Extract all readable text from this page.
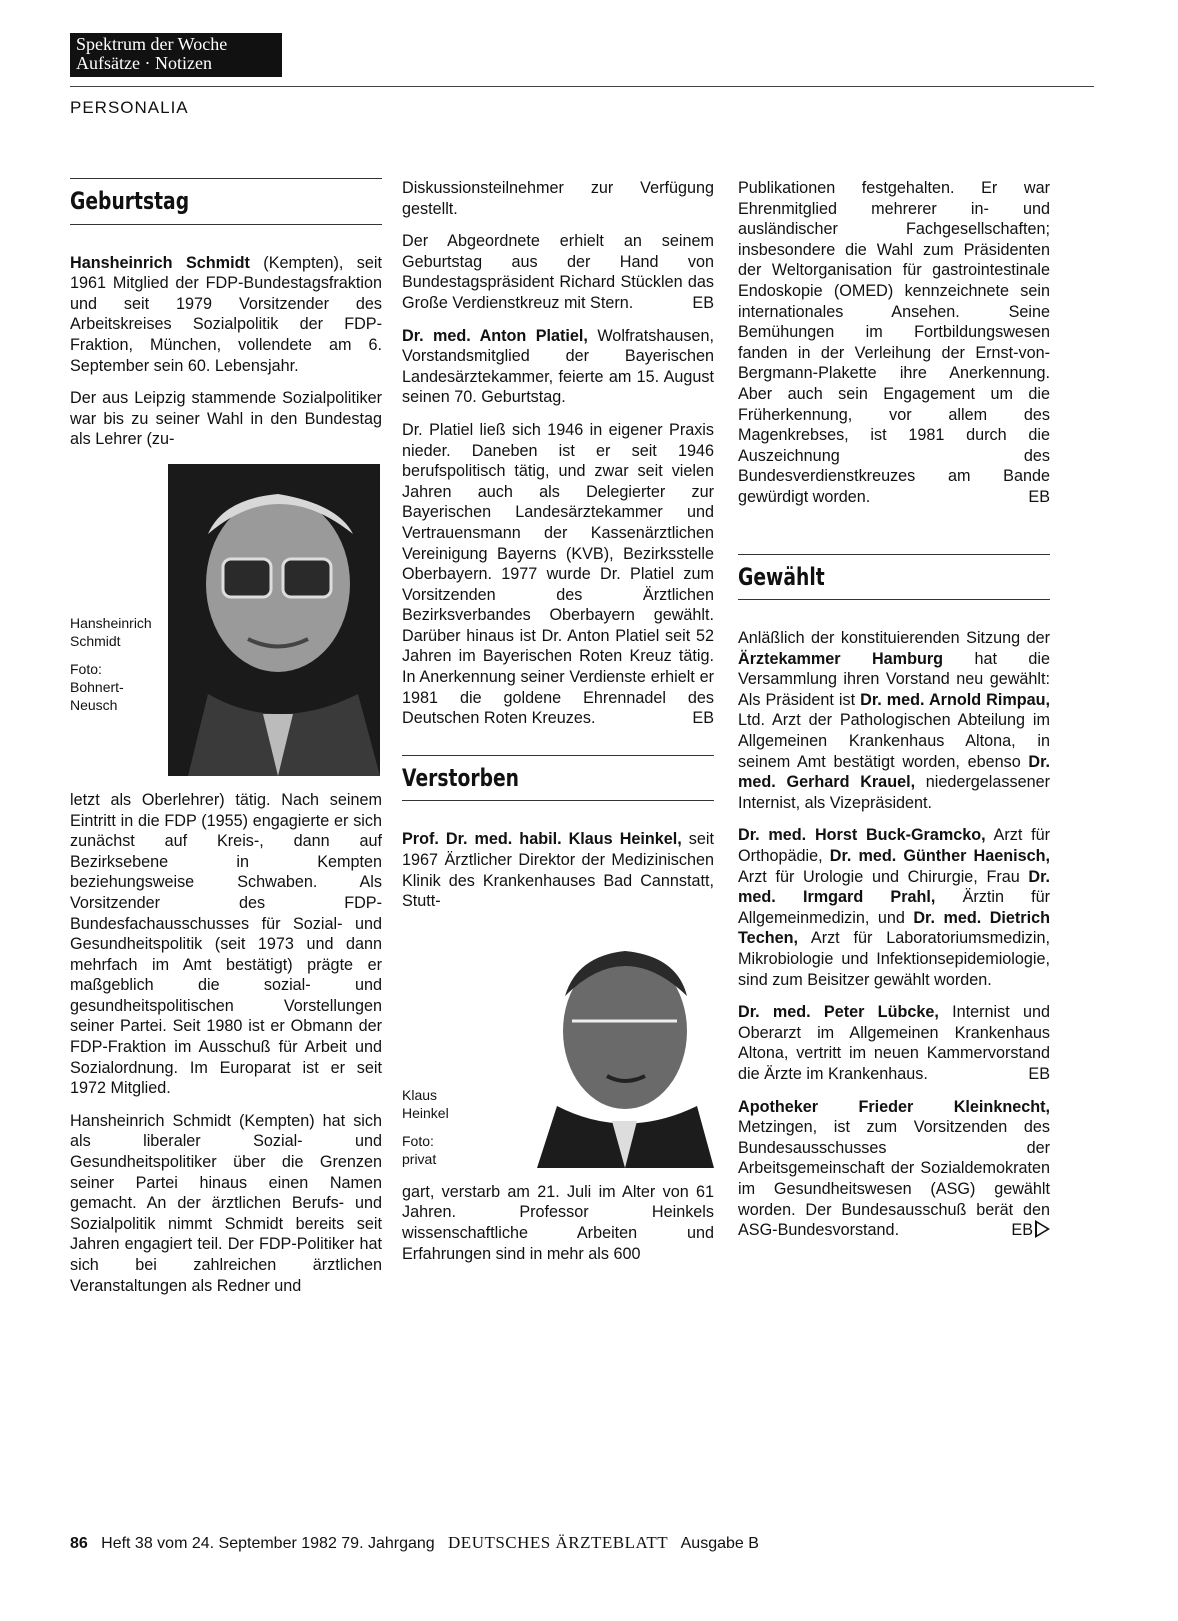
Spektrum der Woche
Aufsätze · Notizen
PERSONALIA
Geburtstag

Hansheinrich Schmidt (Kempten), seit 1961 Mitglied der FDP-Bundestagsfraktion und seit 1979 Vorsitzender des Arbeitskreises Sozialpolitik der FDP-Fraktion, München, vollendete am 6. September sein 60. Lebensjahr.

Der aus Leipzig stammende Sozialpolitiker war bis zu seiner Wahl in den Bundestag als Lehrer (zu-

Hansheinrich Schmidt
Foto: Bohnert-Neusch

letzt als Oberlehrer) tätig. Nach seinem Eintritt in die FDP (1955) engagierte er sich zunächst auf Kreis-, dann auf Bezirksebene in Kempten beziehungsweise Schwaben. Als Vorsitzender des FDP-Bundesfachausschusses für Sozial- und Gesundheitspolitik (seit 1973 und dann mehrfach im Amt bestätigt) prägte er maßgeblich die sozial- und gesundheitspolitischen Vorstellungen seiner Partei. Seit 1980 ist er Obmann der FDP-Fraktion im Ausschuß für Arbeit und Sozialordnung. Im Europarat ist er seit 1972 Mitglied.

Hansheinrich Schmidt (Kempten) hat sich als liberaler Sozial- und Gesundheitspolitiker über die Grenzen seiner Partei hinaus einen Namen gemacht. An der ärztlichen Berufs- und Sozialpolitik nimmt Schmidt bereits seit Jahren engagiert teil. Der FDP-Politiker hat sich bei zahlreichen ärztlichen Veranstaltungen als Redner und

Diskussionsteilnehmer zur Verfügung gestellt.

Der Abgeordnete erhielt an seinem Geburtstag aus der Hand von Bundestagspräsident Richard Stücklen das Große Verdienstkreuz mit Stern.	EB

Dr. med. Anton Platiel, Wolfratshausen, Vorstandsmitglied der Bayerischen Landesärztekammer, feierte am 15. August seinen 70. Geburtstag.

Dr. Platiel ließ sich 1946 in eigener Praxis nieder. Daneben ist er seit 1946 berufspolitisch tätig, und zwar seit vielen Jahren auch als Delegierter zur Bayerischen Landesärztekammer und Vertrauensmann der Kassenärztlichen Vereinigung Bayerns (KVB), Bezirksstelle Oberbayern. 1977 wurde Dr. Platiel zum Vorsitzenden des Ärztlichen Bezirksverbandes Oberbayern gewählt. Darüber hinaus ist Dr. Anton Platiel seit 52 Jahren im Bayerischen Roten Kreuz tätig. In Anerkennung seiner Verdienste erhielt er 1981 die goldene Ehrennadel des Deutschen Roten Kreuzes.	EB

Verstorben

Prof. Dr. med. habil. Klaus Heinkel, seit 1967 Ärztlicher Direktor der Medizinischen Klinik des Krankenhauses Bad Cannstatt, Stutt-

Klaus Heinkel
Foto: privat

gart, verstarb am 21. Juli im Alter von 61 Jahren. Professor Heinkels wissenschaftliche Arbeiten und Erfahrungen sind in mehr als 600

Publikationen festgehalten. Er war Ehrenmitglied mehrerer in- und ausländischer Fachgesellschaften; insbesondere die Wahl zum Präsidenten der Weltorganisation für gastrointestinale Endoskopie (OMED) kennzeichnete sein internationales Ansehen. Seine Bemühungen im Fortbildungswesen fanden in der Verleihung der Ernst-von-Bergmann-Plakette ihre Anerkennung. Aber auch sein Engagement um die Früherkennung, vor allem des Magenkrebses, ist 1981 durch die Auszeichnung des Bundesverdienstkreuzes am Bande gewürdigt worden.	EB

Gewählt

Anläßlich der konstituierenden Sitzung der Ärztekammer Hamburg hat die Versammlung ihren Vorstand neu gewählt: Als Präsident ist Dr. med. Arnold Rimpau, Ltd. Arzt der Pathologischen Abteilung im Allgemeinen Krankenhaus Altona, in seinem Amt bestätigt worden, ebenso Dr. med. Gerhard Krauel, niedergelassener Internist, als Vizepräsident.

Dr. med. Horst Buck-Gramcko, Arzt für Orthopädie, Dr. med. Günther Haenisch, Arzt für Urologie und Chirurgie, Frau Dr. med. Irmgard Prahl, Ärztin für Allgemeinmedizin, und Dr. med. Dietrich Techen, Arzt für Laboratoriumsmedizin, Mikrobiologie und Infektionsepidemiologie, sind zum Beisitzer gewählt worden.

Dr. med. Peter Lübcke, Internist und Oberarzt im Allgemeinen Krankenhaus Altona, vertritt im neuen Kammervorstand die Ärzte im Krankenhaus.	EB

Apotheker Frieder Kleinknecht, Metzingen, ist zum Vorsitzenden des Bundesausschusses der Arbeitsgemeinschaft der Sozialdemokraten im Gesundheitswesen (ASG) gewählt worden. Der Bundesausschuß berät den ASG-Bundesvorstand.	EB

86 Heft 38 vom 24. September 1982 79. Jahrgang DEUTSCHES ÄRZTEBLATT Ausgabe B
